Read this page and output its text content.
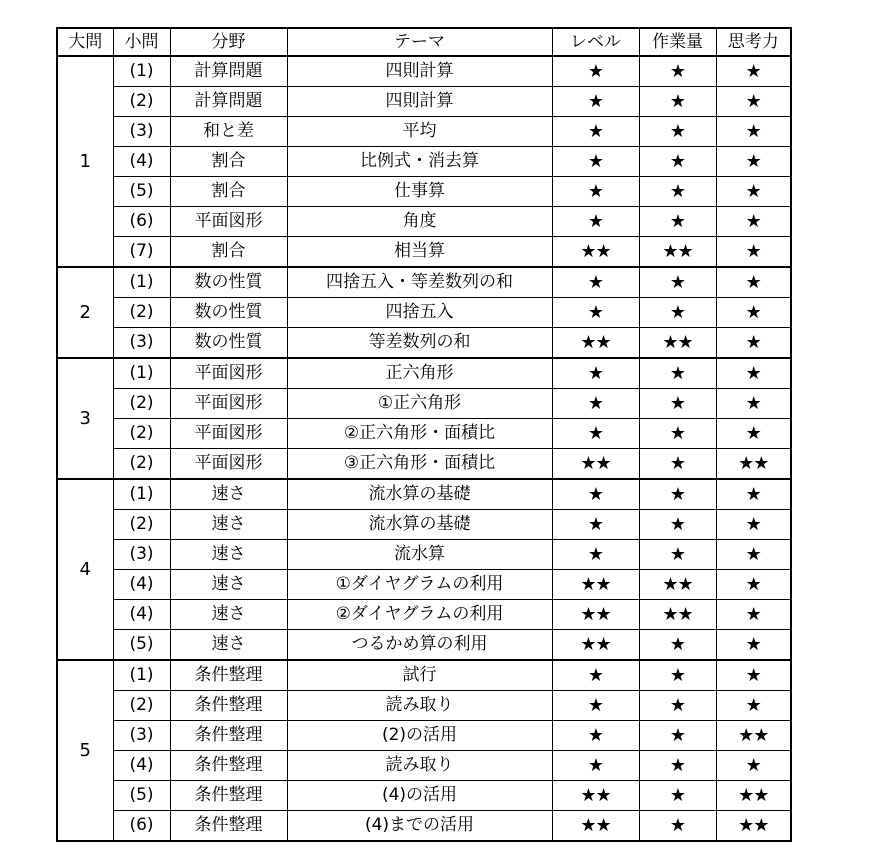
大問	小問	分野	テーマ	レベル	作業量	思考力
1	(1)	計算問題	四則計算	★	★	★
	(2)	計算問題	四則計算	★	★	★
	(3)	和と差	平均	★	★	★
	(4)	割合	比例式・消去算	★	★	★
	(5)	割合	仕事算	★	★	★
	(6)	平面図形	角度	★	★	★
	(7)	割合	相当算	★★	★★	★
2	(1)	数の性質	四捨五入・等差数列の和	★	★	★
	(2)	数の性質	四捨五入	★	★	★
	(3)	数の性質	等差数列の和	★★	★★	★
3	(1)	平面図形	正六角形	★	★	★
	(2)	平面図形	①正六角形	★	★	★
	(2)	平面図形	②正六角形・面積比	★	★	★
	(2)	平面図形	③正六角形・面積比	★★	★	★★
4	(1)	速さ	流水算の基礎	★	★	★
	(2)	速さ	流水算の基礎	★	★	★
	(3)	速さ	流水算	★	★	★
	(4)	速さ	①ダイヤグラムの利用	★★	★★	★
	(4)	速さ	②ダイヤグラムの利用	★★	★★	★
	(5)	速さ	つるかめ算の利用	★★	★	★
5	(1)	条件整理	試行	★	★	★
	(2)	条件整理	読み取り	★	★	★
	(3)	条件整理	(2)の活用	★	★	★★
	(4)	条件整理	読み取り	★	★	★
	(5)	条件整理	(4)の活用	★★	★	★★
	(6)	条件整理	(4)までの活用	★★	★	★★
